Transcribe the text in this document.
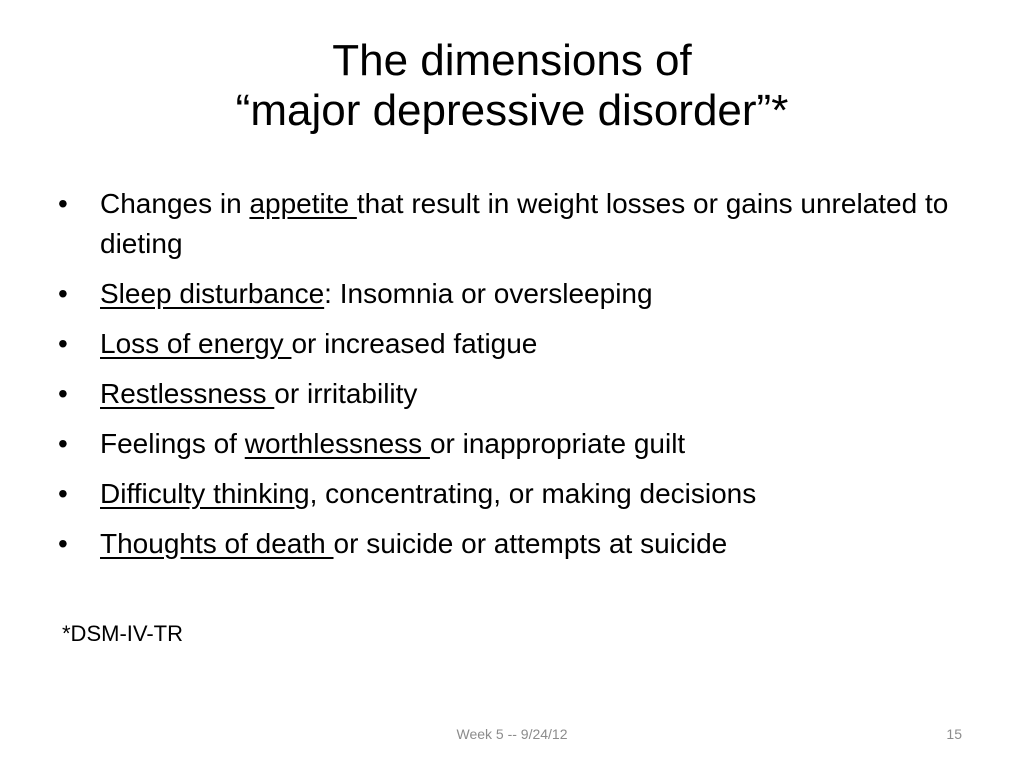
The dimensions of
“major depressive disorder”*
•	Changes in appetite that result in weight losses or gains unrelated to dieting
•	Sleep disturbance: Insomnia or oversleeping
•	Loss of energy or increased fatigue
•	Restlessness or irritability
•	Feelings of worthlessness or inappropriate guilt
•	Difficulty thinking, concentrating, or making decisions
•	Thoughts of death or suicide or attempts at suicide
*DSM-IV-TR
Week 5 -- 9/24/12	15
